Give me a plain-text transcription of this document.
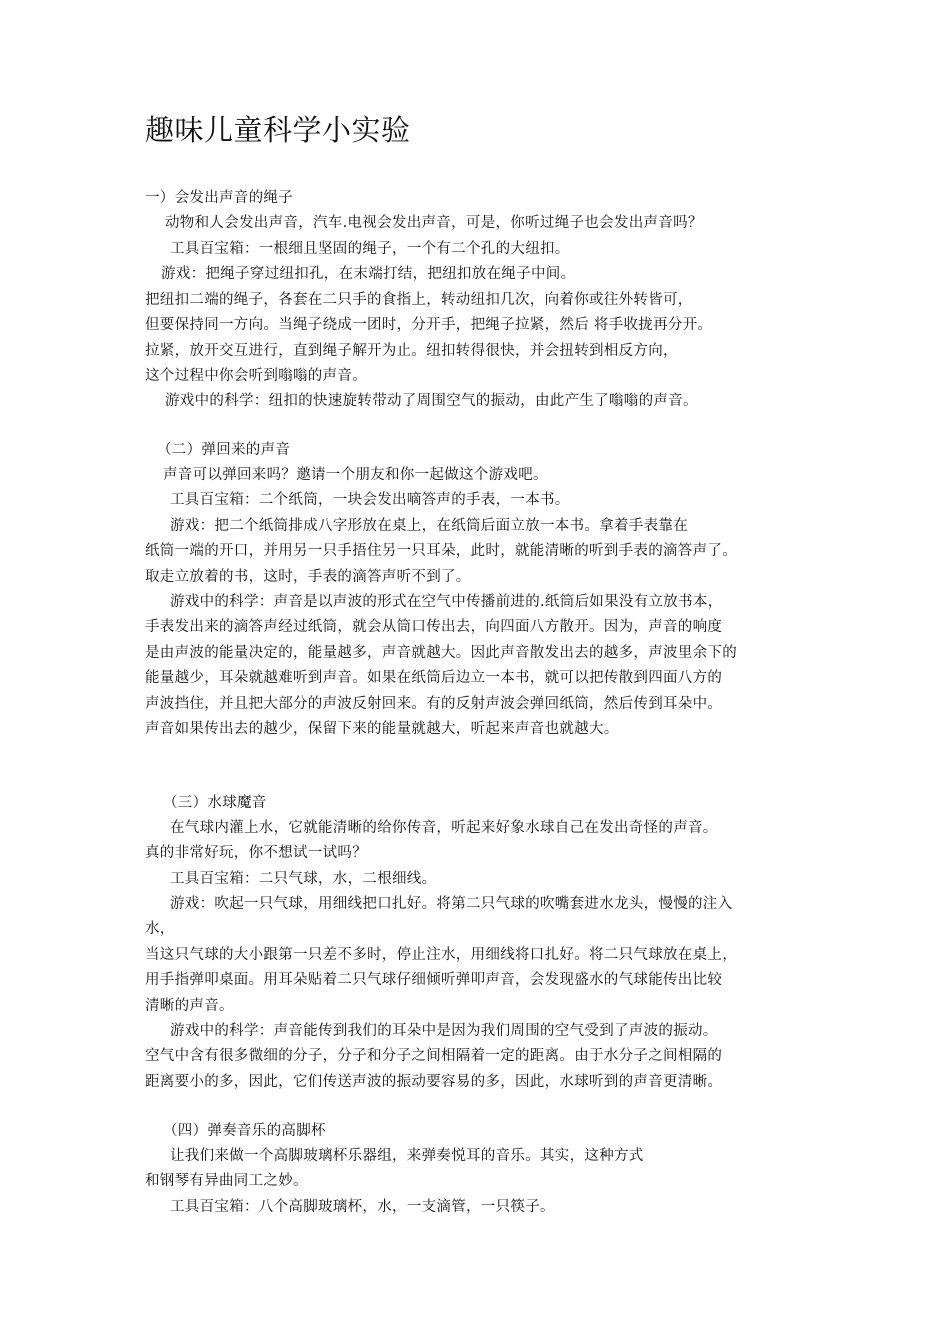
趣味儿童科学小实验
一）会发出声音的绳子
动物和人会发出声音，汽车.电视会发出声音，可是，你听过绳子也会发出声音吗？
工具百宝箱：一根细且坚固的绳子，一个有二个孔的大纽扣。
游戏：把绳子穿过纽扣孔，在末端打结，把纽扣放在绳子中间。
把纽扣二端的绳子，各套在二只手的食指上，转动纽扣几次，向着你或往外转皆可，
但要保持同一方向。当绳子绕成一团时，分开手，把绳子拉紧，然后 将手收拢再分开。
拉紧，放开交互进行，直到绳子解开为止。纽扣转得很快，并会扭转到相反方向，
这个过程中你会听到嗡嗡的声音。
游戏中的科学：纽扣的快速旋转带动了周围空气的振动，由此产生了嗡嗡的声音。
（二）弹回来的声音
声音可以弹回来吗？邀请一个朋友和你一起做这个游戏吧。
工具百宝箱：二个纸筒，一块会发出嘀答声的手表，一本书。
游戏：把二个纸筒排成八字形放在桌上，在纸筒后面立放一本书。拿着手表靠在
纸筒一端的开口，并用另一只手捂住另一只耳朵，此时，就能清晰的听到手表的滴答声了。
取走立放着的书，这时，手表的滴答声听不到了。
游戏中的科学：声音是以声波的形式在空气中传播前进的.纸筒后如果没有立放书本，
手表发出来的滴答声经过纸筒，就会从筒口传出去，向四面八方散开。因为，声音的响度
是由声波的能量决定的，能量越多，声音就越大。因此声音散发出去的越多，声波里余下的
能量越少，耳朵就越难听到声音。如果在纸筒后边立一本书，就可以把传散到四面八方的
声波挡住，并且把大部分的声波反射回来。有的反射声波会弹回纸筒，然后传到耳朵中。
声音如果传出去的越少，保留下来的能量就越大，听起来声音也就越大。
（三）水球魔音
在气球内灌上水，它就能清晰的给你传音，听起来好象水球自己在发出奇怪的声音。
真的非常好玩，你不想试一试吗？
工具百宝箱：二只气球，水，二根细线。
游戏：吹起一只气球，用细线把口扎好。将第二只气球的吹嘴套进水龙头，慢慢的注入
水，
当这只气球的大小跟第一只差不多时，停止注水，用细线将口扎好。将二只气球放在桌上，
用手指弹叩桌面。用耳朵贴着二只气球仔细倾听弹叩声音，会发现盛水的气球能传出比较
清晰的声音。
游戏中的科学：声音能传到我们的耳朵中是因为我们周围的空气受到了声波的振动。
空气中含有很多微细的分子，分子和分子之间相隔着一定的距离。由于水分子之间相隔的
距离要小的多，因此，它们传送声波的振动要容易的多，因此，水球听到的声音更清晰。
（四）弹奏音乐的高脚杯
让我们来做一个高脚玻璃杯乐器组，来弹奏悦耳的音乐。其实，这种方式
和钢琴有异曲同工之妙。
工具百宝箱：八个高脚玻璃杯，水，一支滴管，一只筷子。
